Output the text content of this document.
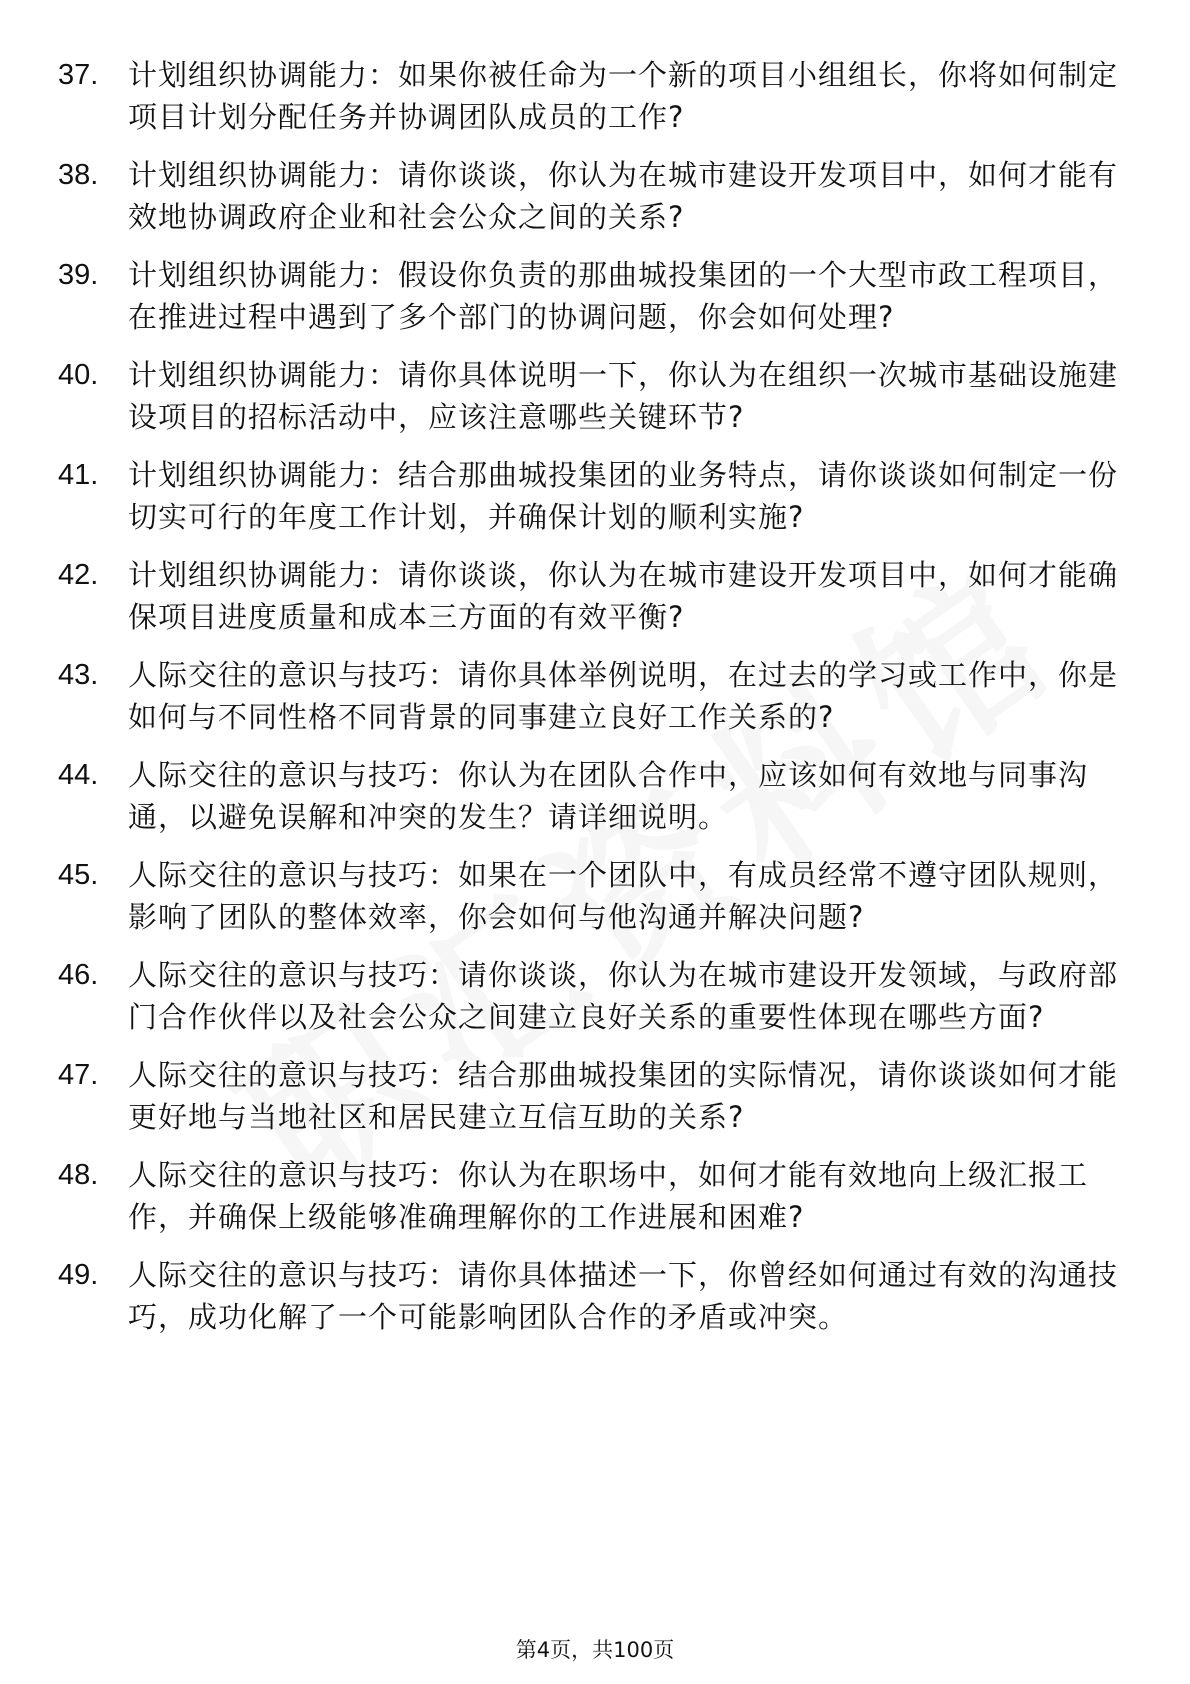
37.	计划组织协调能力：如果你被任命为一个新的项目小组组长，你将如何制定项目计划分配任务并协调团队成员的工作?
38.	计划组织协调能力：请你谈谈，你认为在城市建设开发项目中，如何才能有效地协调政府企业和社会公众之间的关系?
39.	计划组织协调能力：假设你负责的那曲城投集团的一个大型市政工程项目，在推进过程中遇到了多个部门的协调问题，你会如何处理?
40.	计划组织协调能力：请你具体说明一下，你认为在组织一次城市基础设施建设项目的招标活动中，应该注意哪些关键环节?
41.	计划组织协调能力：结合那曲城投集团的业务特点，请你谈谈如何制定一份切实可行的年度工作计划，并确保计划的顺利实施?
42.	计划组织协调能力：请你谈谈，你认为在城市建设开发项目中，如何才能确保项目进度质量和成本三方面的有效平衡?
43.	人际交往的意识与技巧：请你具体举例说明，在过去的学习或工作中，你是如何与不同性格不同背景的同事建立良好工作关系的?
44.	人际交往的意识与技巧：你认为在团队合作中，应该如何有效地与同事沟通，以避免误解和冲突的发生？请详细说明。
45.	人际交往的意识与技巧：如果在一个团队中，有成员经常不遵守团队规则，影响了团队的整体效率，你会如何与他沟通并解决问题?
46.	人际交往的意识与技巧：请你谈谈，你认为在城市建设开发领域，与政府部门合作伙伴以及社会公众之间建立良好关系的重要性体现在哪些方面?
47.	人际交往的意识与技巧：结合那曲城投集团的实际情况，请你谈谈如何才能更好地与当地社区和居民建立互信互助的关系?
48.	人际交往的意识与技巧：你认为在职场中，如何才能有效地向上级汇报工作，并确保上级能够准确理解你的工作进展和困难?
49.	人际交往的意识与技巧：请你具体描述一下，你曾经如何通过有效的沟通技巧，成功化解了一个可能影响团队合作的矛盾或冲突。
第4页，共100页
